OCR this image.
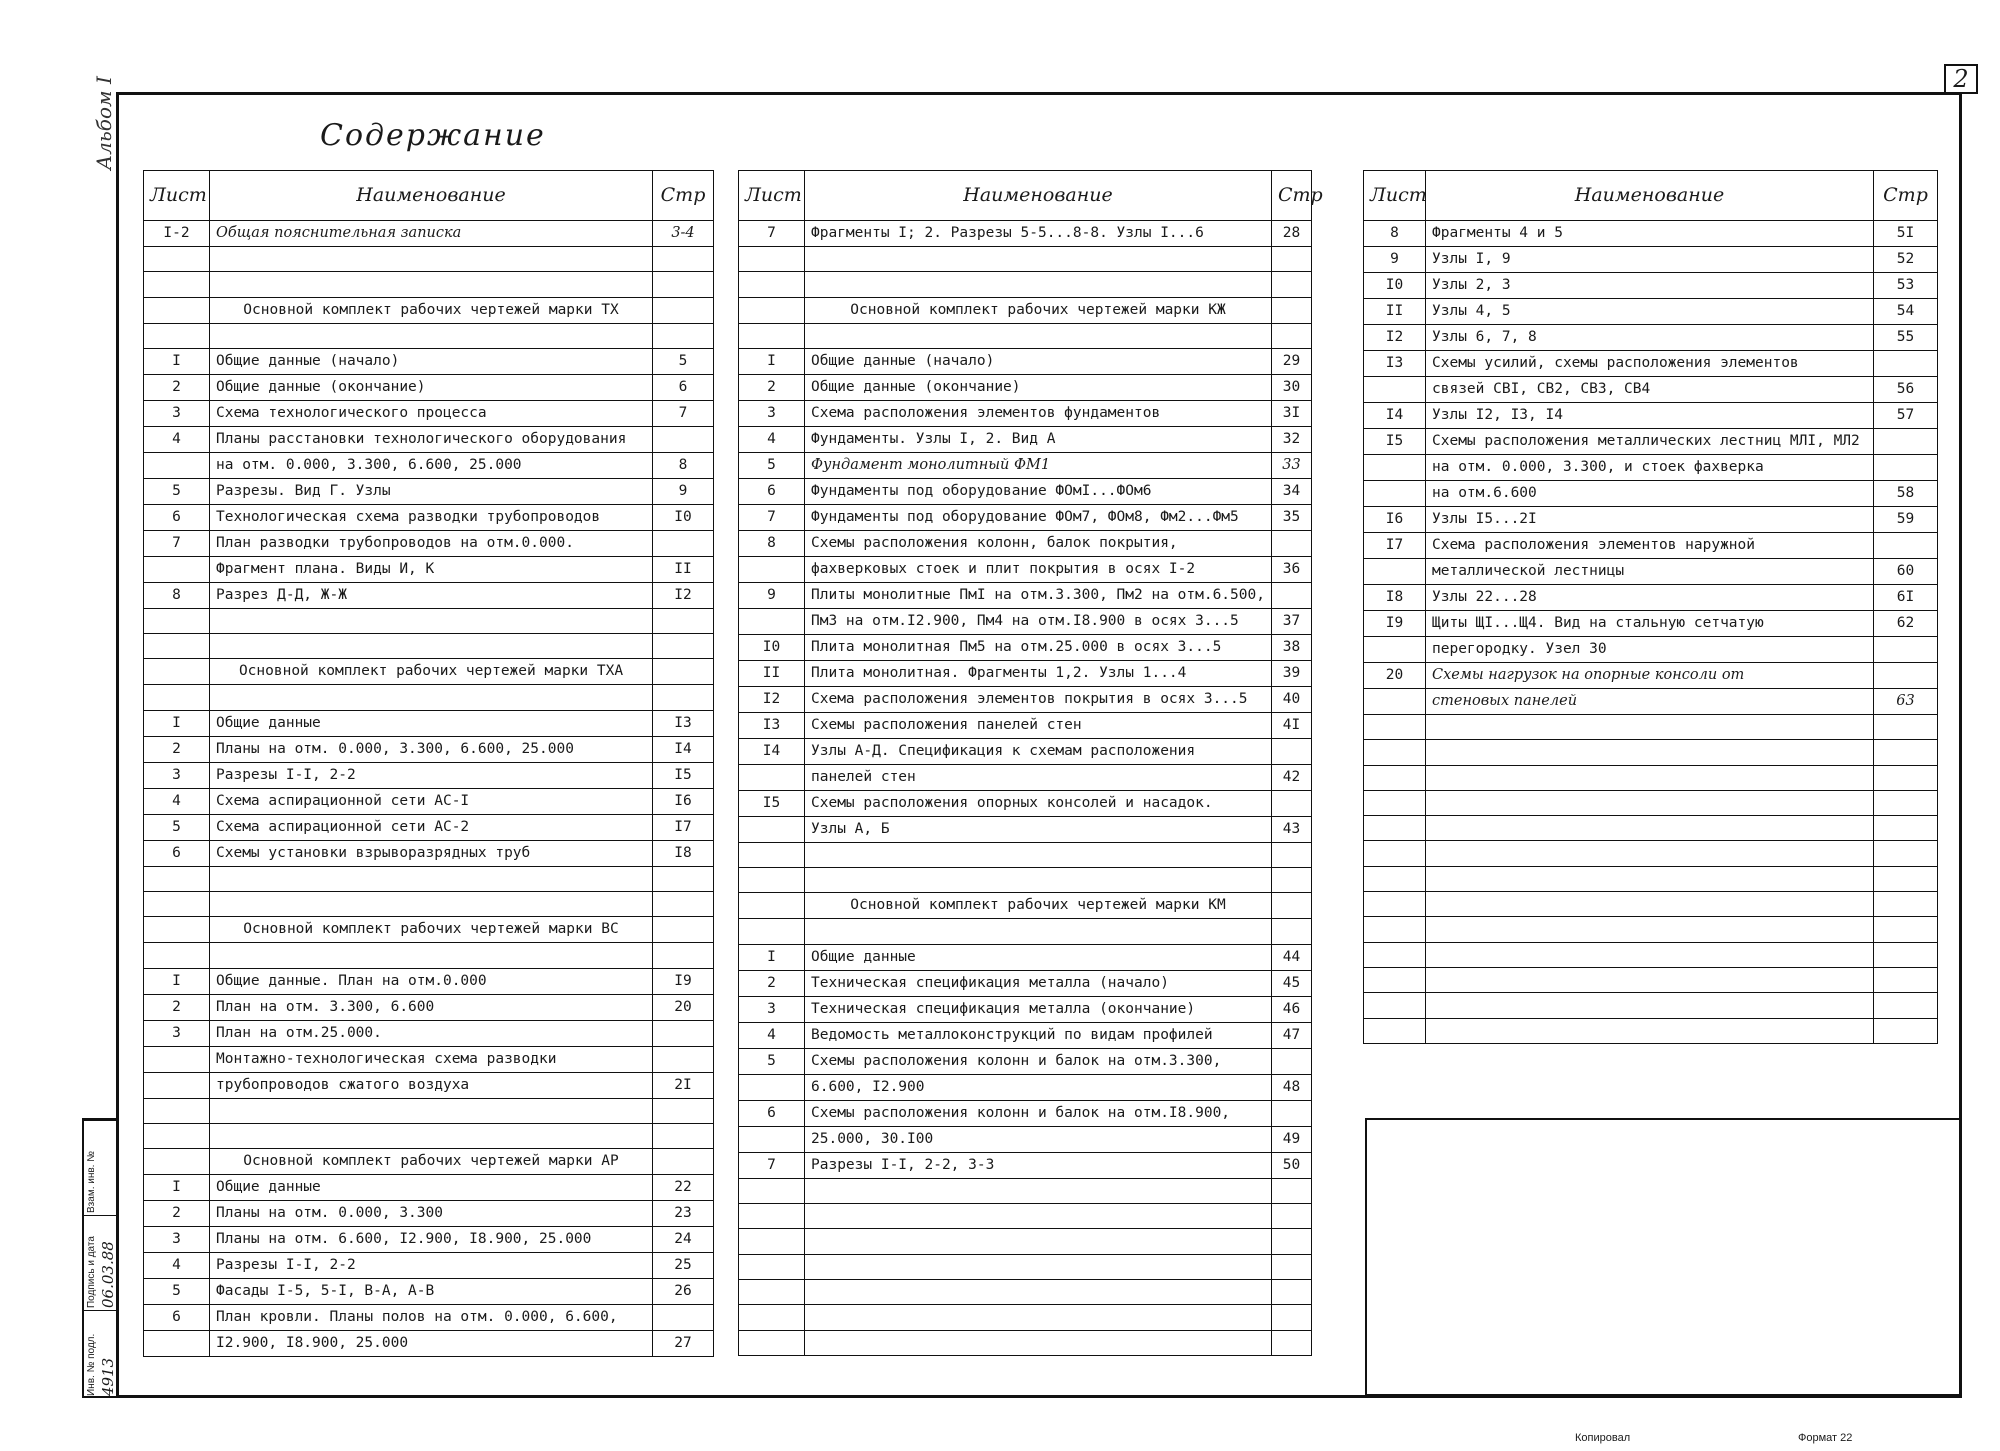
2
Содержание
Альбом I
Лист	Наименование	Стр
I-2	Общая пояснительная записка	3-4

	Основной комплект рабочих чертежей марки ТХ	

I	Общие данные (начало)	5
2	Общие данные (окончание)	6
3	Схема технологического процесса	7
4	Планы расстановки технологического оборудования	
	на отм. 0.000, 3.300, 6.600, 25.000	8
5	Разрезы. Вид Г. Узлы	9
6	Технологическая схема разводки трубопроводов	I0
7	План разводки трубопроводов на отм.0.000.	
	Фрагмент плана. Виды И, К	II
8	Разрез Д-Д, Ж-Ж	I2

	Основной комплект рабочих чертежей марки ТХА	

I	Общие данные	I3
2	Планы на отм. 0.000, 3.300, 6.600, 25.000	I4
3	Разрезы I-I, 2-2	I5
4	Схема аспирационной сети АС-I	I6
5	Схема аспирационной сети АС-2	I7
6	Схемы установки взрыворазрядных труб	I8

	Основной комплект рабочих чертежей марки ВС	

I	Общие данные. План на отм.0.000	I9
2	План на отм. 3.300, 6.600	20
3	План на отм.25.000.	
	Монтажно-технологическая схема разводки	
	трубопроводов сжатого воздуха	2I

	Основной комплект рабочих чертежей марки АР	
I	Общие данные	22
2	Планы на отм. 0.000, 3.300	23
3	Планы на отм. 6.600, I2.900, I8.900, 25.000	24
4	Разрезы I-I, 2-2	25
5	Фасады I-5, 5-I, В-А, А-В	26
6	План кровли. Планы полов на отм. 0.000, 6.600,	
	I2.900, I8.900, 25.000	27
Лист	Наименование	Стр
7	Фрагменты I; 2. Разрезы 5-5...8-8. Узлы I...6	28

	Основной комплект рабочих чертежей марки КЖ	

I	Общие данные (начало)	29
2	Общие данные (окончание)	30
3	Схема расположения элементов фундаментов	3I
4	Фундаменты. Узлы I, 2. Вид А	32
5	Фундамент монолитный ФМ1	33
6	Фундаменты под оборудование ФОмI...ФОм6	34
7	Фундаменты под оборудование ФОм7, ФОм8, Фм2...Фм5	35
8	Схемы расположения колонн, балок покрытия,	
	фахверковых стоек и плит покрытия в осях I-2	36
9	Плиты монолитные ПмI на отм.3.300, Пм2 на отм.6.500,	
	Пм3 на отм.I2.900, Пм4 на отм.I8.900 в осях 3...5	37
I0	Плита монолитная Пм5 на отм.25.000 в осях 3...5	38
II	Плита монолитная. Фрагменты 1,2. Узлы 1...4	39
I2	Схема расположения элементов покрытия в осях 3...5	40
I3	Схемы расположения панелей стен	4I
I4	Узлы А-Д. Спецификация к схемам расположения	
	панелей стен	42
I5	Схемы расположения опорных консолей и насадок.	
	Узлы А, Б	43

	Основной комплект рабочих чертежей марки КМ	

I	Общие данные	44
2	Техническая спецификация металла (начало)	45
3	Техническая спецификация металла (окончание)	46
4	Ведомость металлоконструкций по видам профилей	47
5	Схемы расположения колонн и балок на отм.3.300,	
	6.600, I2.900	48
6	Схемы расположения колонн и балок на отм.I8.900,	
	25.000, 30.I00	49
7	Разрезы I-I, 2-2, 3-3	50

Лист	Наименование	Стр
8	Фрагменты 4 и 5	5I
9	Узлы I, 9	52
I0	Узлы 2, 3	53
II	Узлы 4, 5	54
I2	Узлы 6, 7, 8	55
I3	Схемы усилий, схемы расположения элементов	
	связей СВI, СВ2, СВ3, СВ4	56
I4	Узлы I2, I3, I4	57
I5	Схемы расположения металлических лестниц МЛI, МЛ2	
	на отм. 0.000, 3.300, и стоек фахверка	
	на отм.6.600	58
I6	Узлы I5...2I	59
I7	Схема расположения элементов наружной	
	металлической лестницы	60
I8	Узлы 22...28	6I
I9	Щиты ЩI...Щ4. Вид на стальную сетчатую	62
	перегородку. Узел 30	
20	Схемы нагрузок на опорные консоли от	
	стеновых панелей	63

Взам. инв. №
Подпись и дата 06.03.88
Инв. № подл. 4913
Копировал	Формат 22
